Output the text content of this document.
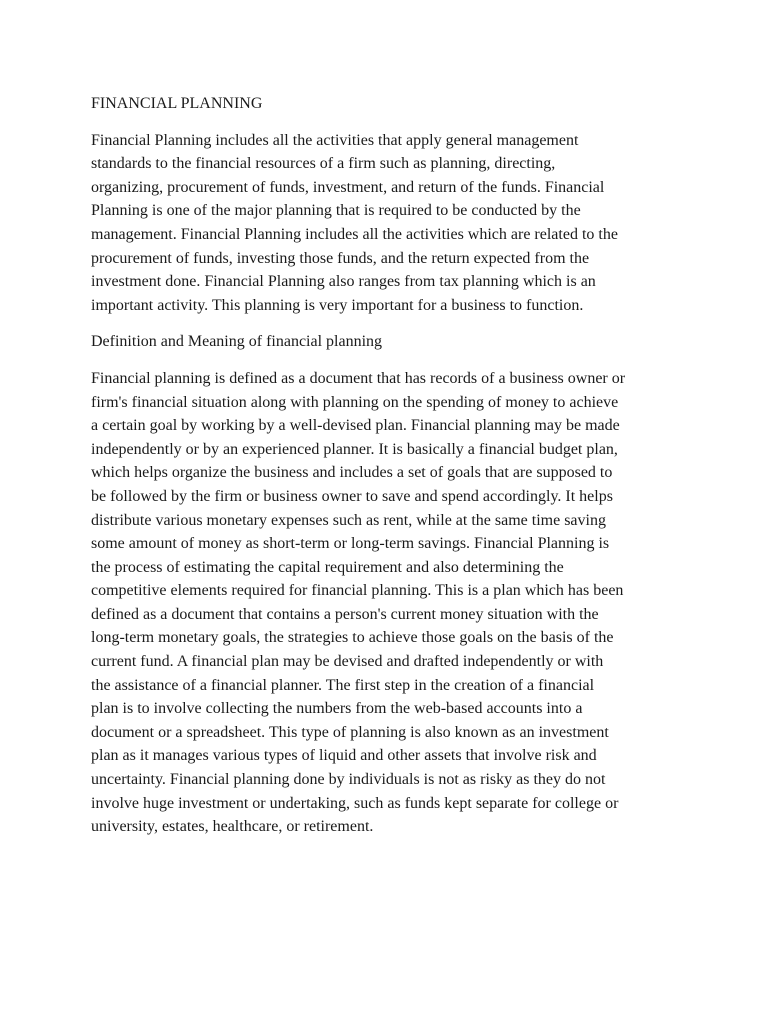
FINANCIAL PLANNING
Financial Planning includes all the activities that apply general management
standards to the financial resources of a firm such as planning, directing,
organizing, procurement of funds, investment, and return of the funds. Financial
Planning is one of the major planning that is required to be conducted by the
management. Financial Planning includes all the activities which are related to the
procurement of funds, investing those funds, and the return expected from the
investment done. Financial Planning also ranges from tax planning which is an
important activity. This planning is very important for a business to function.
Definition and Meaning of financial planning
Financial planning is defined as a document that has records of a business owner or
firm's financial situation along with planning on the spending of money to achieve
a certain goal by working by a well-devised plan. Financial planning may be made
independently or by an experienced planner. It is basically a financial budget plan,
which helps organize the business and includes a set of goals that are supposed to
be followed by the firm or business owner to save and spend accordingly. It helps
distribute various monetary expenses such as rent, while at the same time saving
some amount of money as short-term or long-term savings. Financial Planning is
the process of estimating the capital requirement and also determining the
competitive elements required for financial planning. This is a plan which has been
defined as a document that contains a person's current money situation with the
long-term monetary goals, the strategies to achieve those goals on the basis of the
current fund. A financial plan may be devised and drafted independently or with
the assistance of a financial planner. The first step in the creation of a financial
plan is to involve collecting the numbers from the web-based accounts into a
document or a spreadsheet. This type of planning is also known as an investment
plan as it manages various types of liquid and other assets that involve risk and
uncertainty. Financial planning done by individuals is not as risky as they do not
involve huge investment or undertaking, such as funds kept separate for college or
university, estates, healthcare, or retirement.
